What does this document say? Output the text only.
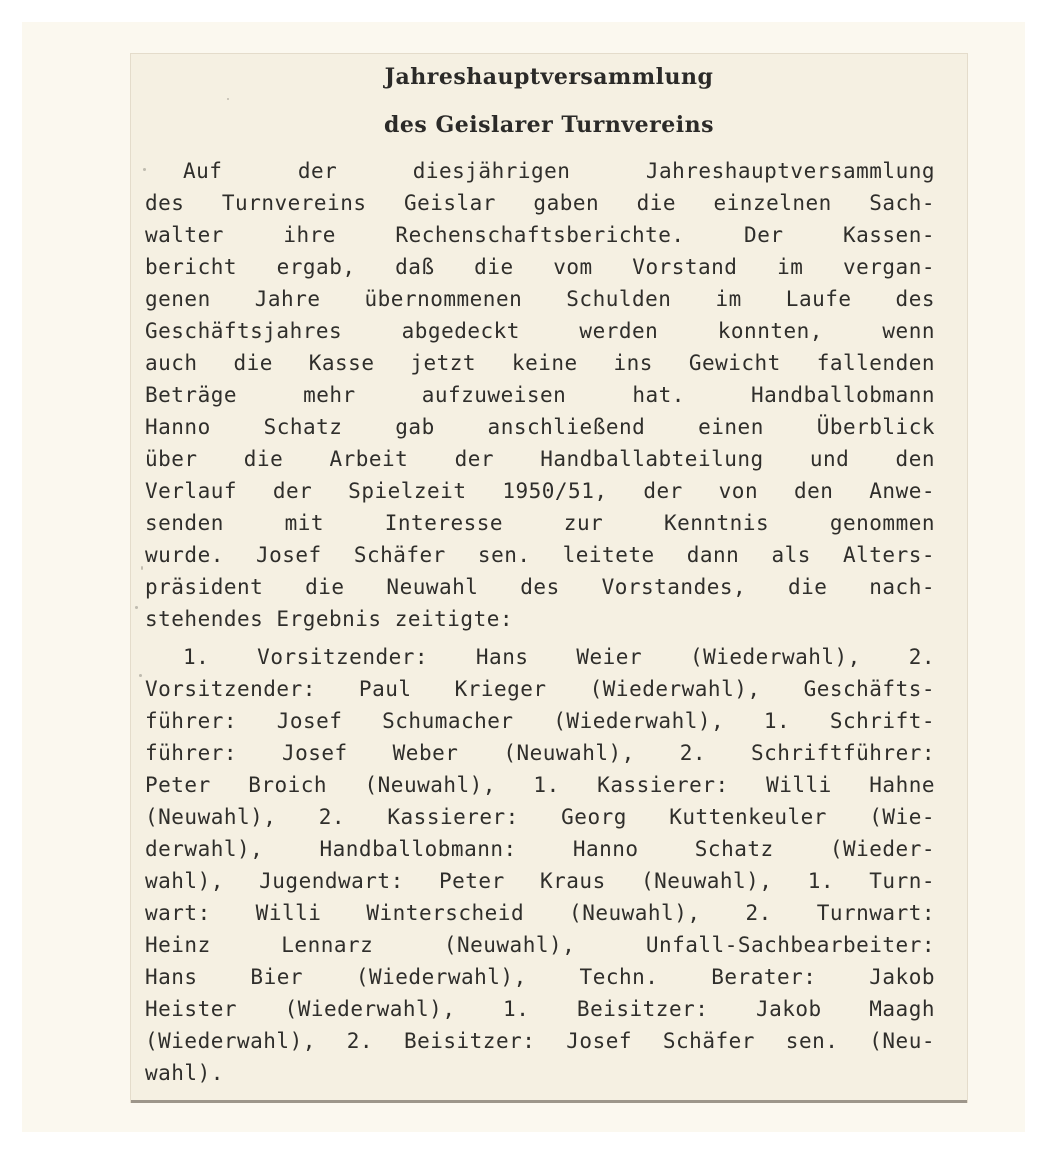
Jahreshauptversammlung
des Geislarer Turnvereins
Auf der diesjährigen Jahreshauptversammlung
des Turnvereins Geislar gaben die einzelnen Sach-
walter ihre Rechenschaftsberichte. Der Kassen-
bericht ergab, daß die vom Vorstand im vergan-
genen Jahre übernommenen Schulden im Laufe des
Geschäftsjahres abgedeckt werden konnten, wenn
auch die Kasse jetzt keine ins Gewicht fallenden
Beträge mehr aufzuweisen hat. Handballobmann
Hanno Schatz gab anschließend einen Überblick
über die Arbeit der Handballabteilung und den
Verlauf der Spielzeit 1950/51, der von den Anwe-
senden mit Interesse zur Kenntnis genommen
wurde. Josef Schäfer sen. leitete dann als Alters-
präsident die Neuwahl des Vorstandes, die nach-
stehendes Ergebnis zeitigte:
1. Vorsitzender: Hans Weier (Wiederwahl), 2.
Vorsitzender: Paul Krieger (Wiederwahl), Geschäfts-
führer: Josef Schumacher (Wiederwahl), 1. Schrift-
führer: Josef Weber (Neuwahl), 2. Schriftführer:
Peter Broich (Neuwahl), 1. Kassierer: Willi Hahne
(Neuwahl), 2. Kassierer: Georg Kuttenkeuler (Wie-
derwahl), Handballobmann: Hanno Schatz (Wieder-
wahl), Jugendwart: Peter Kraus (Neuwahl), 1. Turn-
wart: Willi Winterscheid (Neuwahl), 2. Turnwart:
Heinz Lennarz (Neuwahl), Unfall-Sachbearbeiter:
Hans Bier (Wiederwahl), Techn. Berater: Jakob
Heister (Wiederwahl), 1. Beisitzer: Jakob Maagh
(Wiederwahl), 2. Beisitzer: Josef Schäfer sen. (Neu-
wahl).
